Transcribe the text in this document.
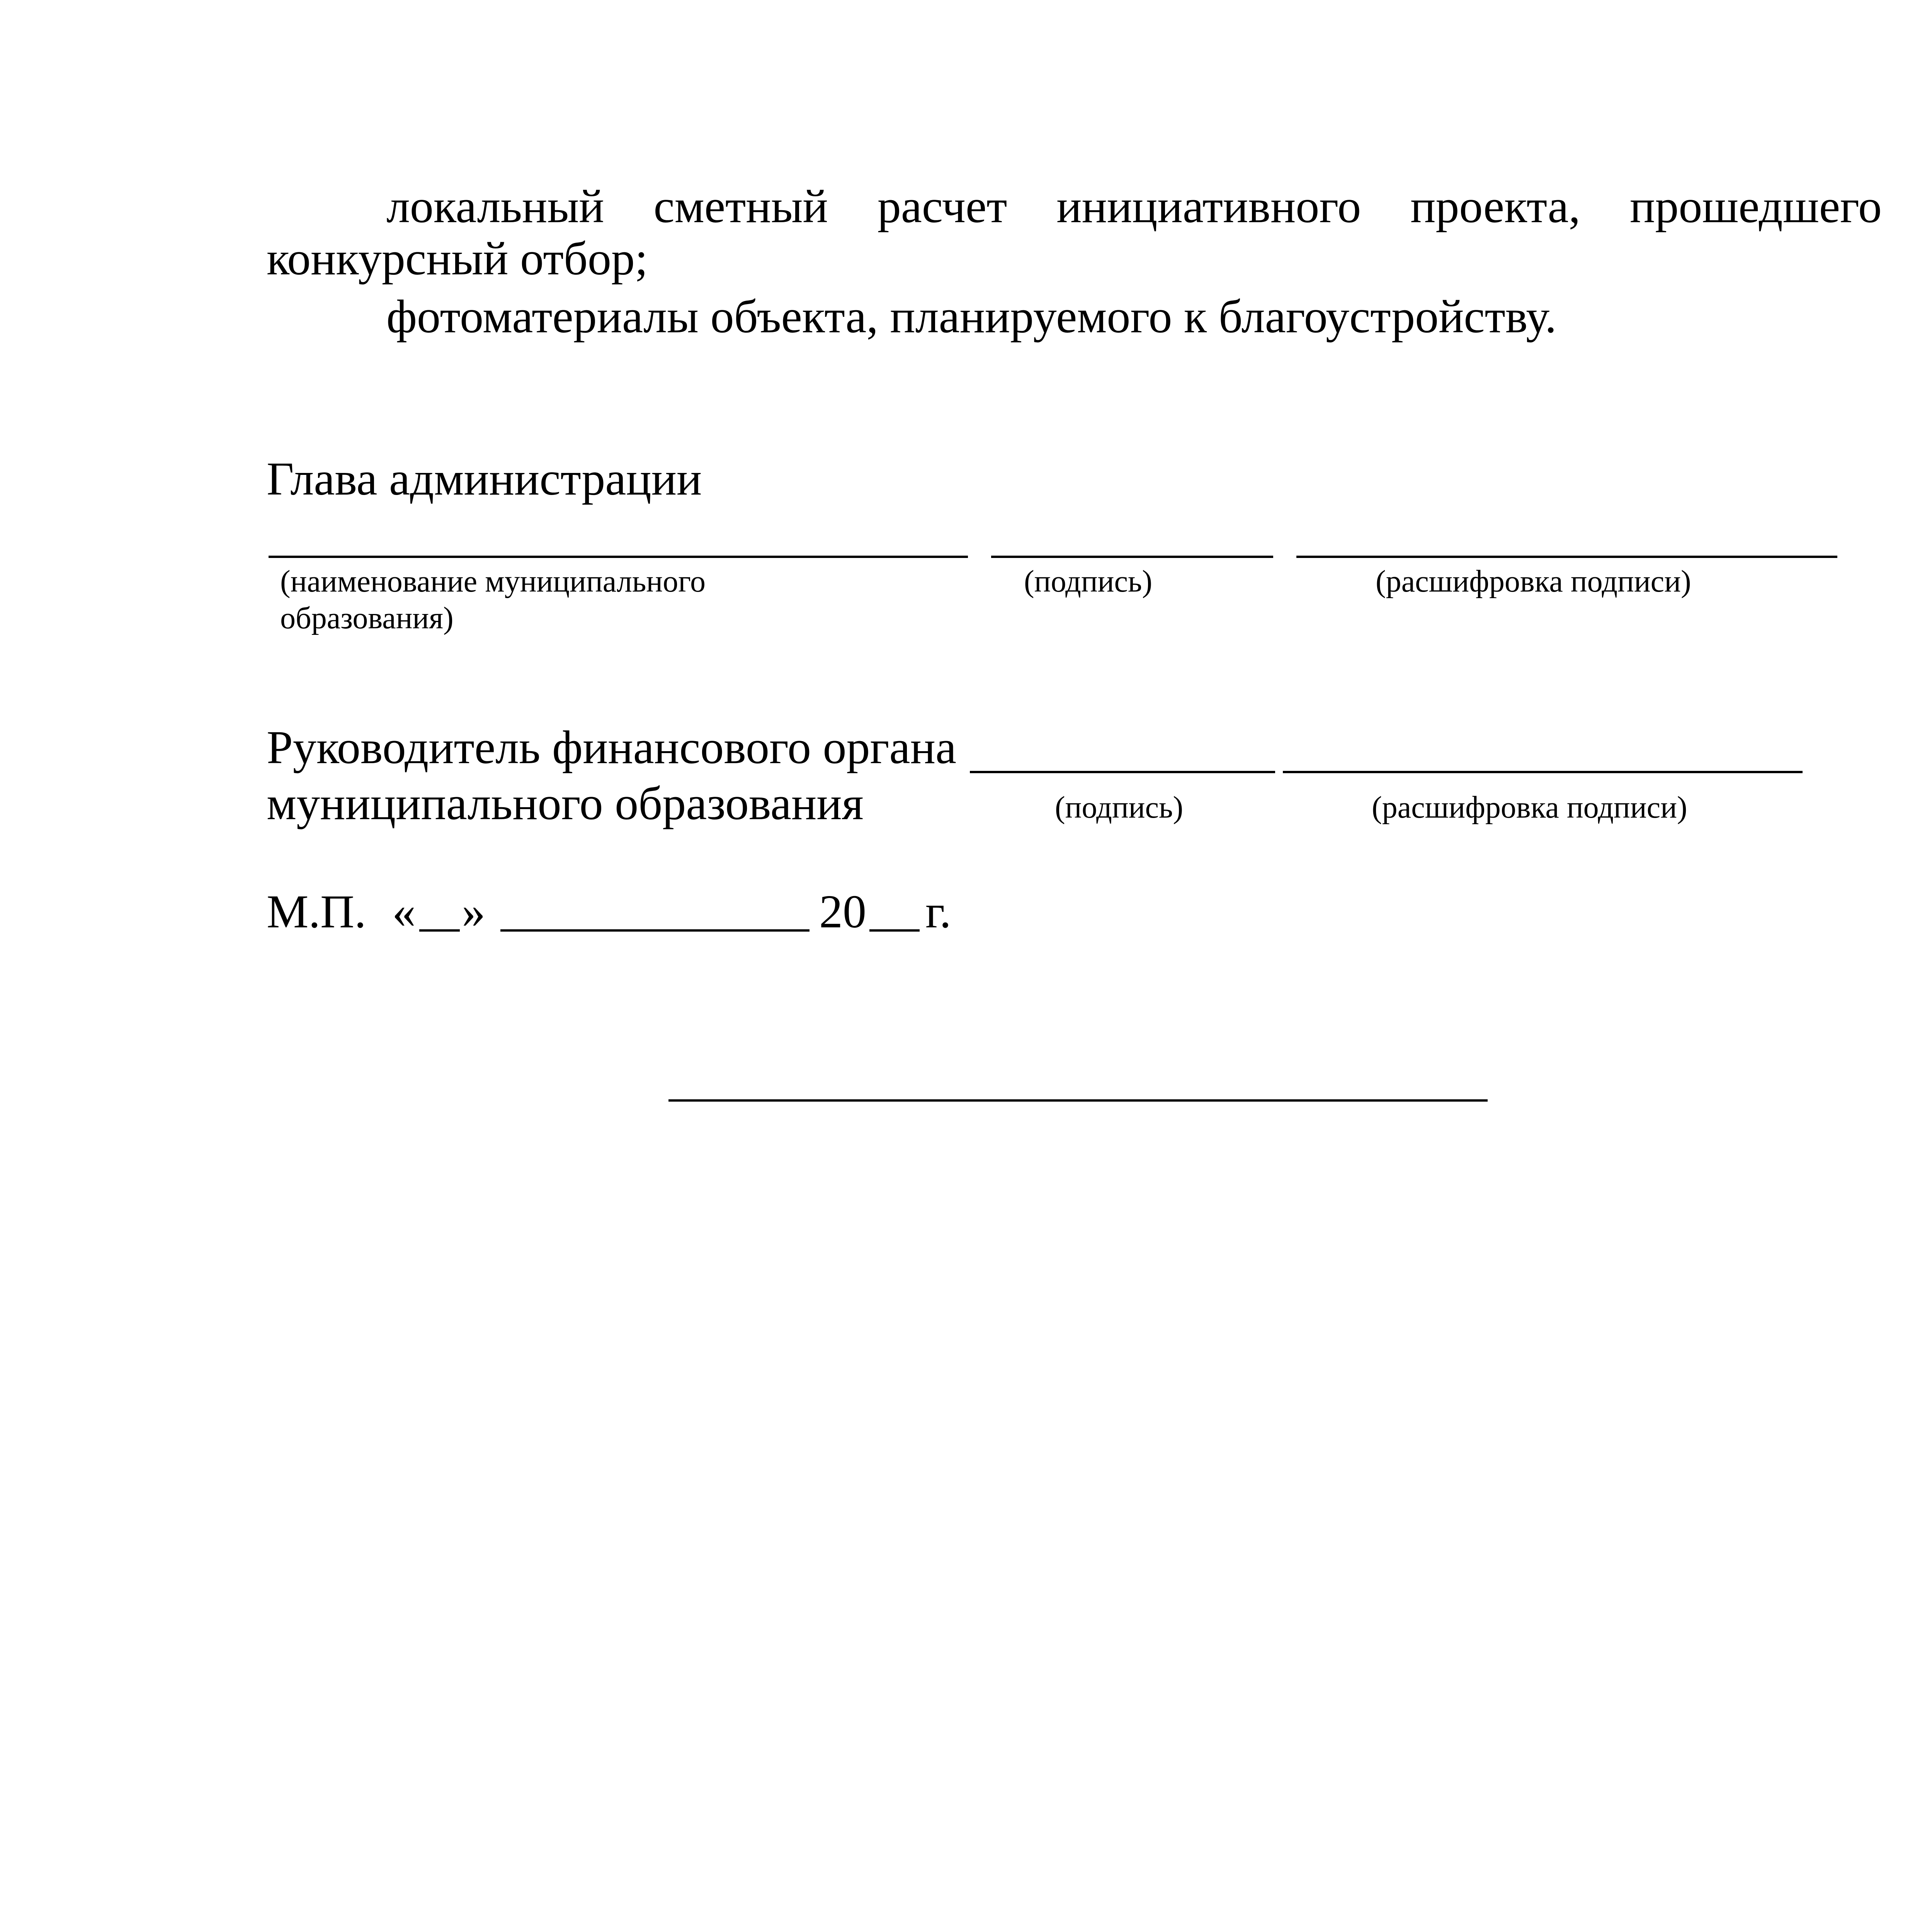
локальный сметный расчет инициативного проекта, прошедшего
конкурсный отбор;
фотоматериалы объекта, планируемого к благоустройству.
Глава администрации
(наименование муниципального
образования)
(подпись)	(расшифровка подписи)
Руководитель финансового органа
муниципального образования	(подпись)	(расшифровка подписи)
М.П. « »	20 г.
